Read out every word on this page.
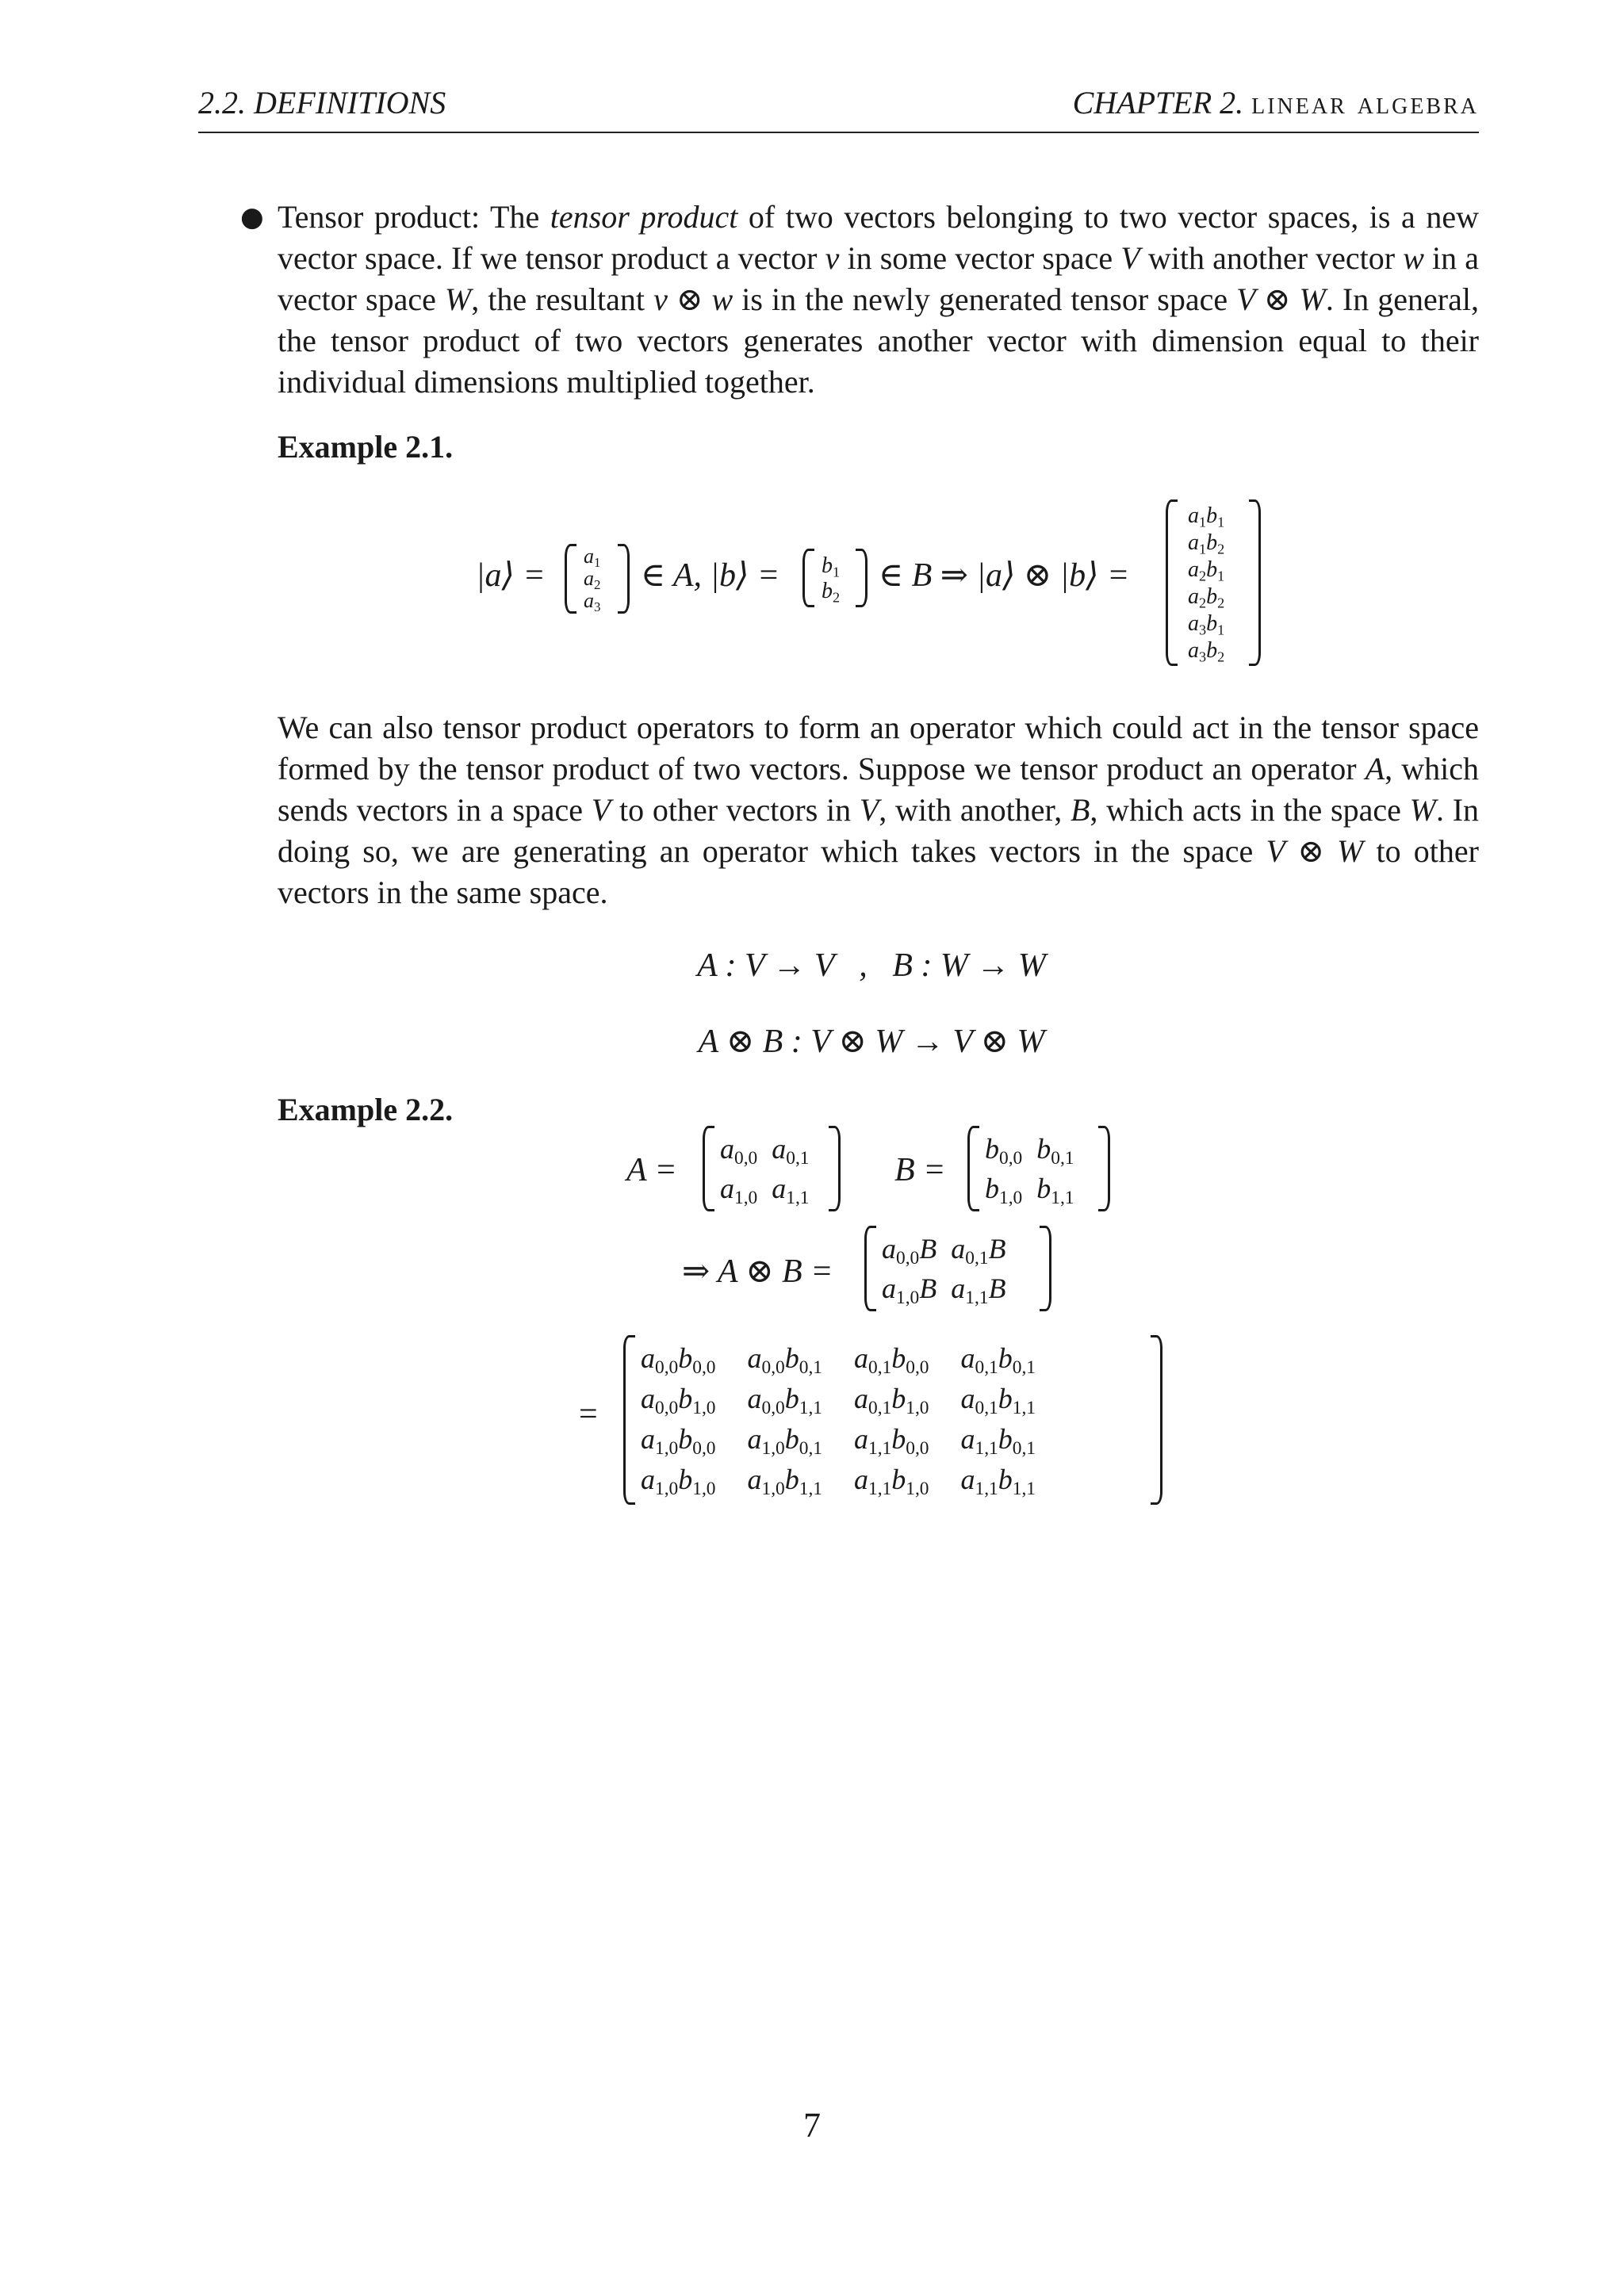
2.2. DEFINITIONS	CHAPTER 2. linear algebra
● Tensor product: The tensor product of two vectors belonging to two vector spaces, is a new vector space. If we tensor product a vector v in some vector space V with another vector w in a vector space W, the resultant v ⊗ w is in the newly generated tensor space V ⊗ W. In general, the tensor product of two vectors generates another vector with dimension equal to their individual dimensions multiplied together.
Example 2.1.
|a⟩ =
$a_1$
$a_2$
$a_3$
∈ A, |b⟩ = $b_1$
$b_2$
∈ B ⇒ |a⟩ ⊗ |b⟩ =
$a_1b_1$
$a_1b_2$
$a_2b_1$
$a_2b_2$
$a_3b_1$
$a_3b_2$
We can also tensor product operators to form an operator which could act in the tensor space formed by the tensor product of two vectors. Suppose we tensor product an operator A, which sends vectors in a space V to other vectors in V, with another, B, which acts in the space W. In doing so, we are generating an operator which takes vectors in the space V ⊗ W to other vectors in the same space.
A : V → V   ,   B : W → W
A ⊗ B : V ⊗ W → V ⊗ W
Example 2.2.
A =
$a_{0,0}$ $a_{0,1}$
$a_{1,0}$ $a_{1,1}$
B =
$b_{0,0}$ $b_{0,1}$
$b_{1,0}$ $b_{1,1}$
⇒ A ⊗ B =
$a_{0,0}B$ $a_{0,1}B$
$a_{1,0}B$ $a_{1,1}B$
=
$a_{0,0}b_{0,0}$ $a_{0,0}b_{0,1}$ $a_{0,1}b_{0,0}$ $a_{0,1}b_{0,1}$
$a_{0,0}b_{1,0}$ $a_{0,0}b_{1,1}$ $a_{0,1}b_{1,0}$ $a_{0,1}b_{1,1}$
$a_{1,0}b_{0,0}$ $a_{1,0}b_{0,1}$ $a_{1,1}b_{0,0}$ $a_{1,1}b_{0,1}$
$a_{1,0}b_{1,0}$ $a_{1,0}b_{1,1}$ $a_{1,1}b_{1,0}$ $a_{1,1}b_{1,1}$
7
